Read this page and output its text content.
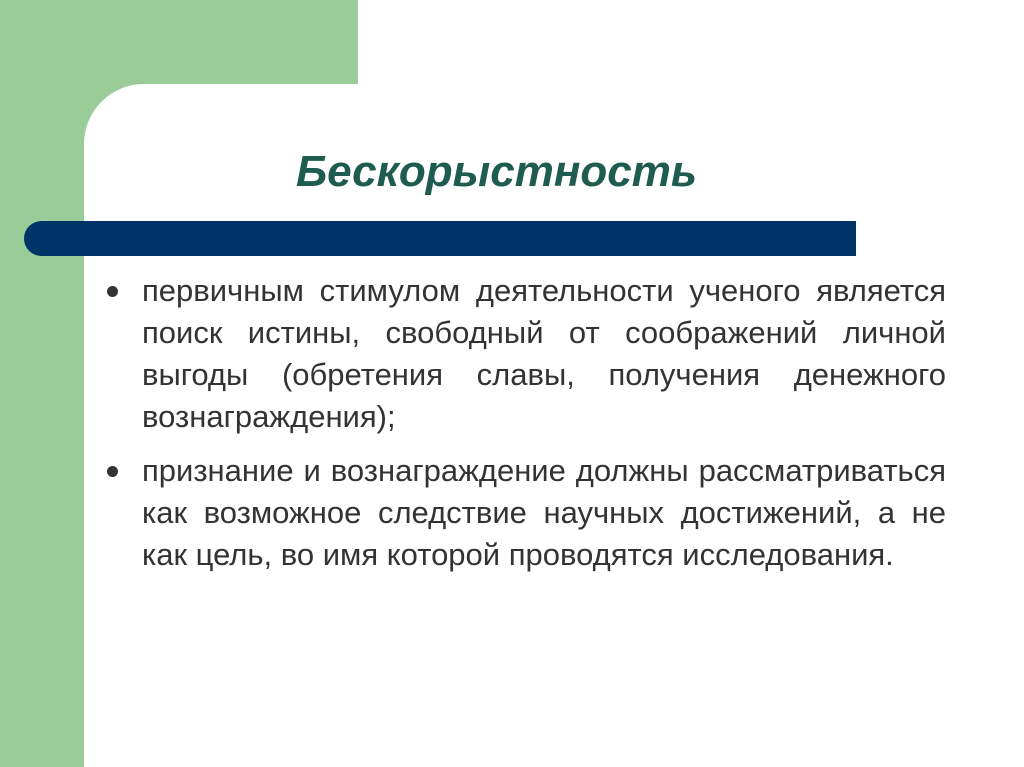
Бескорыстность
первичным стимулом деятельности ученого является поиск истины, свободный от соображений личной выгоды (обретения славы, получения денежного вознаграждения);
признание и вознаграждение должны рассматриваться как возможное следствие научных достижений, а не как цель, во имя которой проводятся исследования.
